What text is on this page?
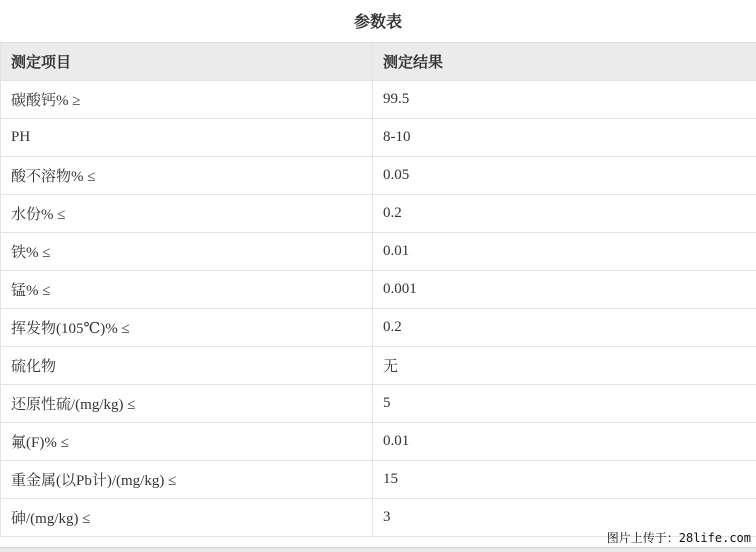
参数表
测定项目	测定结果
碳酸钙% ≥	99.5
PH	8-10
酸不溶物% ≤	0.05
水份% ≤	0.2
铁% ≤	0.01
锰% ≤	0.001
挥发物(105℃)% ≤	0.2
硫化物	无
还原性硫/(mg/kg) ≤	5
氟(F)% ≤	0.01
重金属(以Pb计)/(mg/kg) ≤	15
砷/(mg/kg) ≤	3
图片上传于：28life.com
